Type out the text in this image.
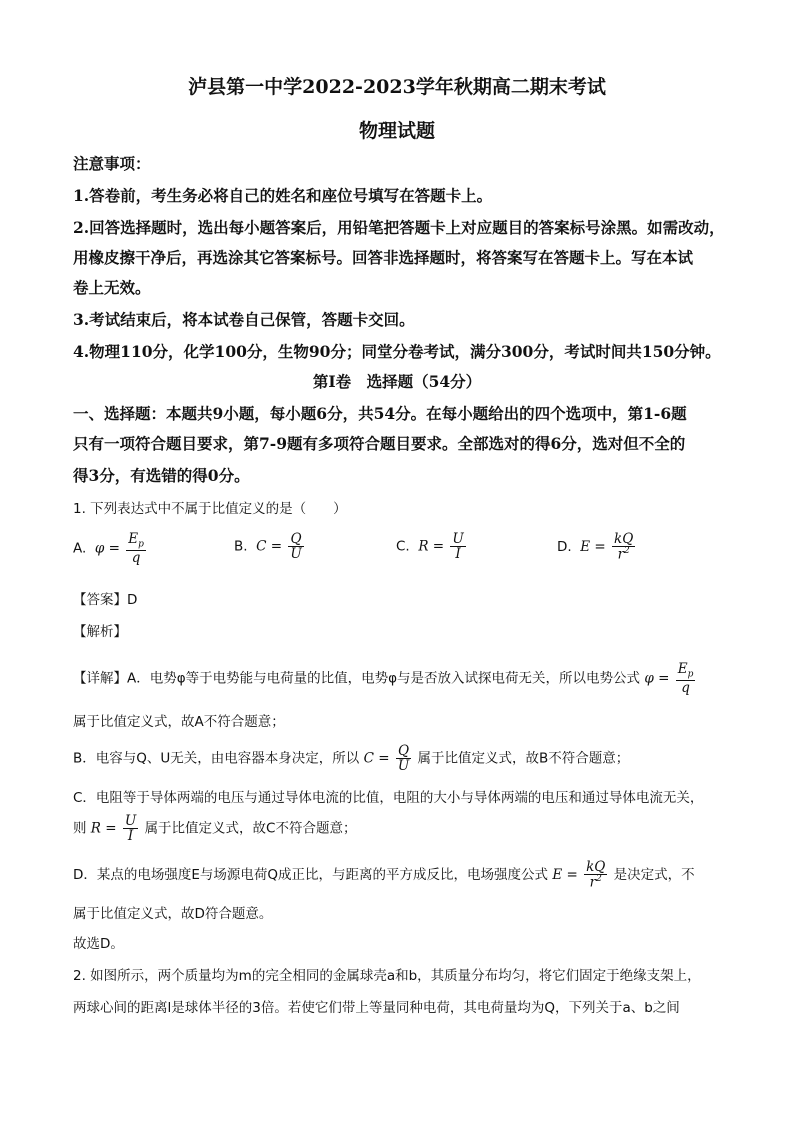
泸县第一中学2022-2023学年秋期高二期末考试
物理试题
注意事项：
1.答卷前，考生务必将自己的姓名和座位号填写在答题卡上。
2.回答选择题时，选出每小题答案后，用铅笔把答题卡上对应题目的答案标号涂黑。如需改动，
用橡皮擦干净后，再选涂其它答案标号。回答非选择题时，将答案写在答题卡上。写在本试
卷上无效。
3.考试结束后，将本试卷自己保管，答题卡交回。
4.物理110分，化学100分，生物90分；同堂分卷考试，满分300分，考试时间共150分钟。
第Ⅰ卷　选择题（54分）
一、选择题：本题共9小题，每小题6分，共54分。在每小题给出的四个选项中，第1-6题
只有一项符合题目要求，第7-9题有多项符合题目要求。全部选对的得6分，选对但不全的
得3分，有选错的得0分。
1. 下列表达式中不属于比值定义的是（　　）
A. $\varphi = \frac{E_p}{q}$	B. $C = \frac{Q}{U}$	C. $R = \frac{U}{I}$	D. $E = \frac{kQ}{r^2}$
【答案】D
【解析】
【详解】A．电势φ等于电势能与电荷量的比值，电势φ与是否放入试探电荷无关，所以电势公式 $\varphi = \frac{E_p}{q}$
属于比值定义式，故A不符合题意；
B．电容与Q、U无关，由电容器本身决定，所以 $C = \frac{Q}{U}$ 属于比值定义式，故B不符合题意；
C．电阻等于导体两端的电压与通过导体电流的比值，电阻的大小与导体两端的电压和通过导体电流无关，
则 $R = \frac{U}{I}$ 属于比值定义式，故C不符合题意；
D．某点的电场强度E与场源电荷Q成正比，与距离的平方成反比，电场强度公式 $E = \frac{kQ}{r^2}$ 是决定式，不
属于比值定义式，故D符合题意。
故选D。
2. 如图所示，两个质量均为m的完全相同的金属球壳a和b，其质量分布均匀，将它们固定于绝缘支架上，
两球心间的距离l是球体半径的3倍。若使它们带上等量同种电荷，其电荷量均为Q，下列关于a、b之间
